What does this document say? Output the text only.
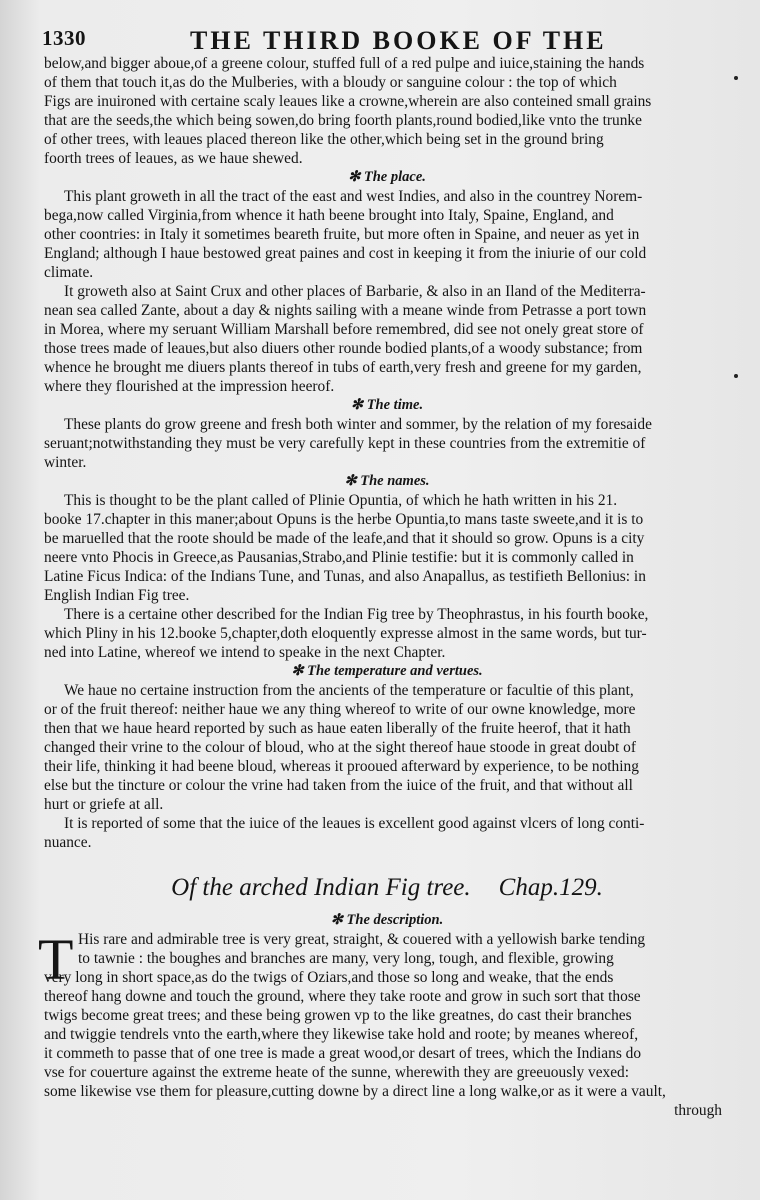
1330	THE THIRD BOOKE OF THE
below,and bigger aboue,of a greene colour, stuffed full of a red pulpe and iuice,staining the hands
of them that touch it,as do the Mulberies, with a bloudy or sanguine colour : the top of which
Figs are inuironed with certaine scaly leaues like a crowne,wherein are also conteined small grains
that are the seeds,the which being sowen,do bring foorth plants,round bodied,like vnto the trunke
of other trees, with leaues placed thereon like the other,which being set in the ground bring
foorth trees of leaues, as we haue shewed.
✻ The place.
This plant groweth in all the tract of the east and west Indies, and also in the countrey Norem-
bega,now called Virginia,from whence it hath beene brought into Italy, Spaine, England, and
other coontries: in Italy it sometimes beareth fruite, but more often in Spaine, and neuer as yet in
England; although I haue bestowed great paines and cost in keeping it from the iniurie of our cold
climate.
It groweth also at Saint Crux and other places of Barbarie, & also in an Iland of the Mediterra-
nean sea called Zante, about a day & nights sailing with a meane winde from Petrasse a port town
in Morea, where my seruant William Marshall before remembred, did see not onely great store of
those trees made of leaues,but also diuers other rounde bodied plants,of a woody substance; from
whence he brought me diuers plants thereof in tubs of earth,very fresh and greene for my garden,
where they flourished at the impression heerof.
✻ The time.
These plants do grow greene and fresh both winter and sommer, by the relation of my foresaide
seruant;notwithstanding they must be very carefully kept in these countries from the extremitie of
winter.
✻ The names.
This is thought to be the plant called of Plinie Opuntia, of which he hath written in his 21.
booke 17.chapter in this maner;about Opuns is the herbe Opuntia,to mans taste sweete,and it is to
be maruelled that the roote should be made of the leafe,and that it should so grow. Opuns is a city
neere vnto Phocis in Greece,as Pausanias,Strabo,and Plinie testifie: but it is commonly called in
Latine Ficus Indica: of the Indians Tune, and Tunas, and also Anapallus, as testifieth Bellonius: in
English Indian Fig tree.
There is a certaine other described for the Indian Fig tree by Theophrastus, in his fourth booke,
which Pliny in his 12.booke 5,chapter,doth eloquently expresse almost in the same words, but tur-
ned into Latine, whereof we intend to speake in the next Chapter.
✻ The temperature and vertues.
We haue no certaine instruction from the ancients of the temperature or facultie of this plant,
or of the fruit thereof: neither haue we any thing whereof to write of our owne knowledge, more
then that we haue heard reported by such as haue eaten liberally of the fruite heerof, that it hath
changed their vrine to the colour of bloud, who at the sight thereof haue stoode in great doubt of
their life, thinking it had beene bloud, whereas it prooued afterward by experience, to be nothing
else but the tincture or colour the vrine had taken from the iuice of the fruit, and that without all
hurt or griefe at all.
It is reported of some that the iuice of the leaues is excellent good against vlcers of long conti-
nuance.
Of the arched Indian Fig tree. Chap.129.
✻ The description.
T His rare and admirable tree is very great, straight, & couered with a yellowish barke tending
to tawnie : the boughes and branches are many, very long, tough, and flexible, growing
very long in short space,as do the twigs of Oziars,and those so long and weake, that the ends
thereof hang downe and touch the ground, where they take roote and grow in such sort that those
twigs become great trees; and these being growen vp to the like greatnes, do cast their branches
and twiggie tendrels vnto the earth,where they likewise take hold and roote; by meanes whereof,
it commeth to passe that of one tree is made a great wood,or desart of trees, which the Indians do
vse for couerture against the extreme heate of the sunne, wherewith they are greeuously vexed:
some likewise vse them for pleasure,cutting downe by a direct line a long walke,or as it were a vault,
through
